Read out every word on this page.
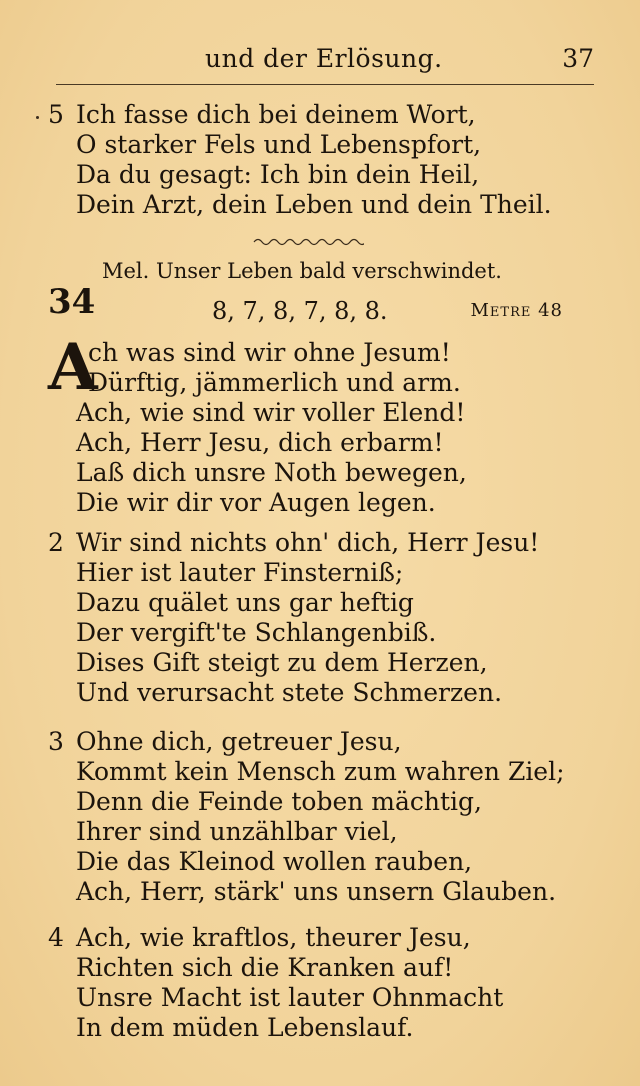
und der Erlösung.	37
5 Ich fasse dich bei deinem Wort,
O starker Fels und Lebenspfort,
Da du gesagt: Ich bin dein Heil,
Dein Arzt, dein Leben und dein Theil.
Mel. Unser Leben bald verschwindet.
34	8, 7, 8, 7, 8, 8.	Metre 48
A
ch was sind wir ohne Jesum!
Dürftig, jämmerlich und arm.
Ach, wie sind wir voller Elend!
Ach, Herr Jesu, dich erbarm!
Laß dich unsre Noth bewegen,
Die wir dir vor Augen legen.
2 Wir sind nichts ohn' dich, Herr Jesu!
Hier ist lauter Finsterniß;
Dazu quälet uns gar heftig
Der vergift'te Schlangenbiß.
Dises Gift steigt zu dem Herzen,
Und verursacht stete Schmerzen.
3 Ohne dich, getreuer Jesu,
Kommt kein Mensch zum wahren Ziel;
Denn die Feinde toben mächtig,
Ihrer sind unzählbar viel,
Die das Kleinod wollen rauben,
Ach, Herr, stärk' uns unsern Glauben.
4 Ach, wie kraftlos, theurer Jesu,
Richten sich die Kranken auf!
Unsre Macht ist lauter Ohnmacht
In dem müden Lebenslauf.
